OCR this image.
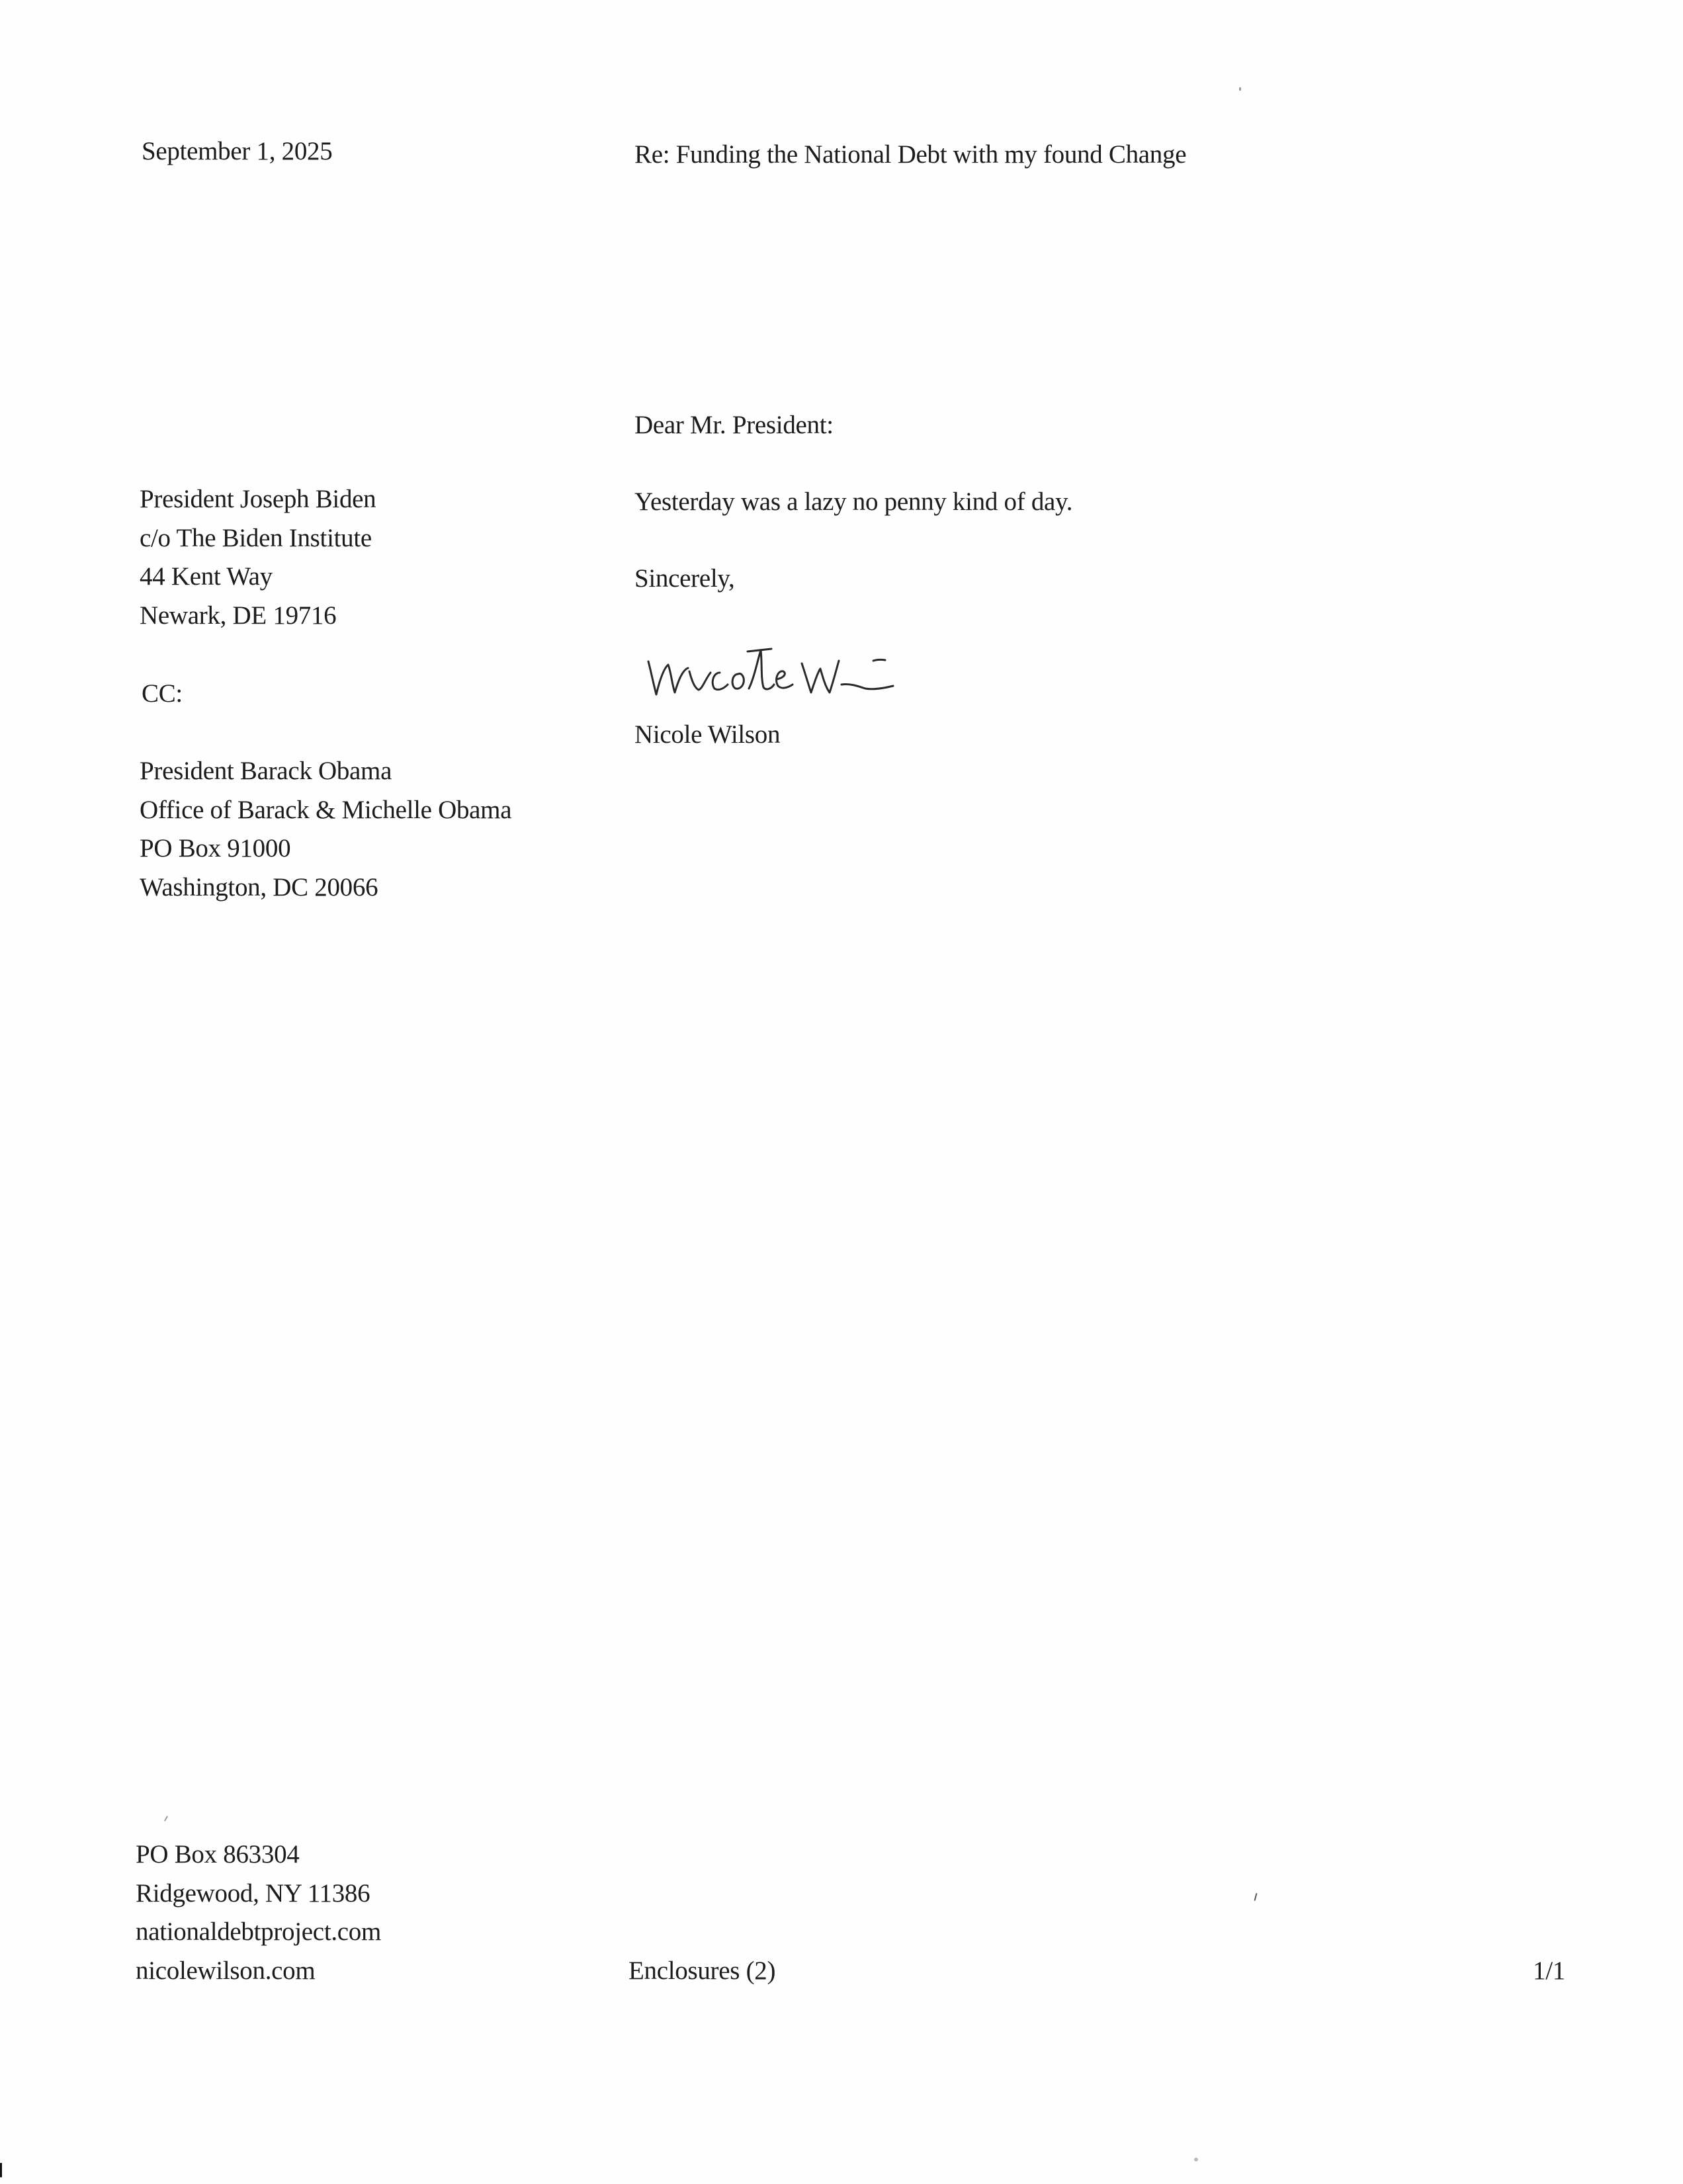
September 1, 2025	Re: Funding the National Debt with my found Change
Dear Mr. President:
President Joseph Biden
c/o The Biden Institute
44 Kent Way
Newark, DE 19716
Yesterday was a lazy no penny kind of day.
Sincerely,
Nicole Wilson
CC:
President Barack Obama
Office of Barack & Michelle Obama
PO Box 91000
Washington, DC 20066
PO Box 863304
Ridgewood, NY 11386
nationaldebtproject.com
nicolewilson.com	Enclosures (2)	1/1
